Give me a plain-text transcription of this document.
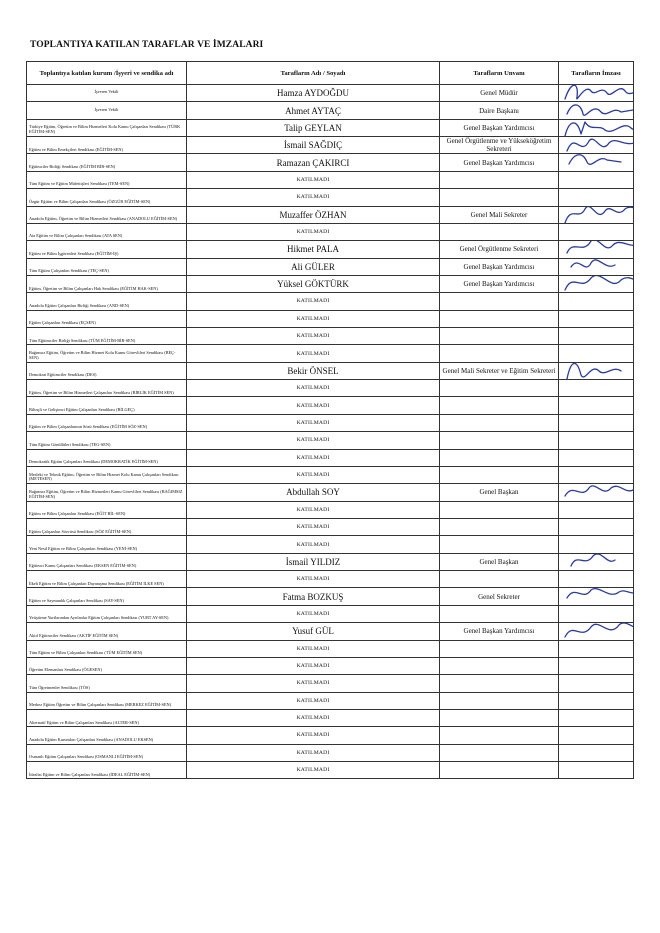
TOPLANTIYA KATILAN TARAFLAR VE İMZALARI
Toplantıya katılan kurum /İşyeri ve sendika adı	Tarafların Adı / Soyadı	Tarafların Unvanı	Tarafların İmzası
İşveren Vekili	Hamza AYDOĞDU	Genel Müdür	

İşveren Vekili	Ahmet AYTAÇ	Daire Başkanı	

Türkiye Eğitim, Öğretim ve Bilim Hizmetleri Kolu Kamu Çalışanları Sendikası (TÜRK EĞİTİM-SEN)	Talip GEYLAN	Genel Başkan Yardımcısı	

Eğitim ve Bilim Emekçileri Sendikası (EĞİTİM-SEN)	İsmail SAĞDIÇ	Genel Örgütlenme ve Yükseköğretim Sekreteri	

Eğitimciler Birliği Sendikası (EĞİTİM BİR-SEN)	Ramazan ÇAKIRCI	Genel Başkan Yardımcısı	

Tüm Eğitim ve Eğitim Müfettişleri Sendikası (TEM-SEN)	KATILMADI		
Özgür Eğitim ve Bilim Çalışanları Sendikası (ÖZGÜR EĞİTİM-SEN)	KATILMADI		
Anadolu Eğitim, Öğretim ve Bilim Hizmetleri Sendikası (ANADOLU EĞİTİM-SEN)	Muzaffer ÖZHAN	Genel Mali Sekreter	

Ata Eğitim ve Bilim Çalışanları Sendikası (ATA SEN)	KATILMADI		
Eğitim ve Bilim İşgörenleri Sendikası (EĞİTİM-İŞ)	Hikmet PALA	Genel Örgütlenme Sekreteri	

Tüm Eğitim Çalışanları Sendikası (TEÇ-SEN)	Ali GÜLER	Genel Başkan Yardımcısı	

Eğitim, Öğretim ve Bilim Çalışanları Hak Sendikası (EĞİTİM HAK-SEN)	Yüksel GÖKTÜRK	Genel Başkan Yardımcısı	

Anadolu Eğitim Çalışanları Birliği Sendikası (AND-SEN)	KATILMADI		
Eğitim Çalışanları Sendikası (EÇSEN)	KATILMADI		
Tüm Eğitimciler Birliği Sendikası (TÜM EĞİTİM-BİR-SEN)	KATILMADI		
Bağımsız Eğitim, Öğretim ve Bilim Hizmet Kolu Kamu Görevlileri Sendikası (BEÇ-SEN)	KATILMADI		
Demokrat Eğitimciler Sendikası (DES)	Bekir ÖNSEL	Genel Mali Sekreter ve Eğitim Sekreteri	

Eğitim, Öğretim ve Bilim Hizmetleri Çalışanları Sendikası (BİRLİK EĞİTİM SEN)	KATILMADI		
Bilinçli ve Gelişimci Eğitim Çalışanları Sendikası (BİLGEÇ)	KATILMADI		
Eğitim ve Bilim Çalışanlarının Sözü Sendikası (EĞİTİM SÖZ-SEN)	KATILMADI		
Tüm Eğitim Gönüllüleri Sendikası (TEG-SEN)	KATILMADI		
Demokratik Eğitim Çalışanları Sendikası (DEMOKRATİK EĞİTİM-SEN)	KATILMADI		
Mesleki ve Teknik Eğitim, Öğretim ve Bilim Hizmet Kolu Kamu Çalışanları Sendikası (METESEN)	KATILMADI		
Bağımsız Eğitim, Öğretim ve Bilim Hizmetleri Kamu Görevlileri Sendikası (BAĞIMSIZ EĞİTİM-SEN)	Abdullah SOY	Genel Başkan	

Eğitim ve Bilim Çalışanları Sendikası (EĞİT BİL-SEN)	KATILMADI		
Eğitim Çalışanları Sözcüsü Sendikası (SÖZ EĞİTİM-SEN)	KATILMADI		
Yeni Nesil Eğitim ve Bilim Çalışanları Sendikası (YENİ-SEN)	KATILMADI		
Eğitimci Kamu Çalışanları Sendikası (EKSEN EĞİTİM-SEN)	İsmail YILDIZ	Genel Başkan	

İlkeli Eğitim ve Bilim Çalışanları Dayanışma Sendikası (EĞİTİM İLKE SEN)	KATILMADI		
Eğitim ve Saymanlık Çalışanları Sendikası (SAY-SEN)	Fatma BOZKUŞ	Genel Sekreter	

Yetiştirme Yurtlarından Ayrılanlar Eğitim Çalışanları Sendikası (YURT AY-SEN)	KATILMADI		
Aktif Eğitimciler Sendikası (AKTİF EĞİTİM SEN)	Yusuf GÜL	Genel Başkan Yardımcısı	

Tüm Eğitim ve Bilim Çalışanları Sendikası (TÜM EĞİTİM SEN)	KATILMADI		
Öğretim Elemanları Sendikası (ÖGESEN)	KATILMADI		
Tüm Öğretmenler Sendikası (TÖS)	KATILMADI		
Merkez Eğitim Öğretim ve Bilim Çalışanları Sendikası (MERKEZ EĞİTİM-SEN)	KATILMADI		
Alternatif Eğitim ve Bilim Çalışanları Sendikası (ALTER-SEN)	KATILMADI		
Anadolu Eğitim Kurumları Çalışanları Sendikası (ANADOLU EKSEN)	KATILMADI		
Osmanlı Eğitim Çalışanları Sendikası (OSMANLI EĞİTİM-SEN)	KATILMADI		
İdealist Eğitim ve Bilim Çalışanları Sendikası (İDEAL EĞİTİM-SEN)	KATILMADI		
